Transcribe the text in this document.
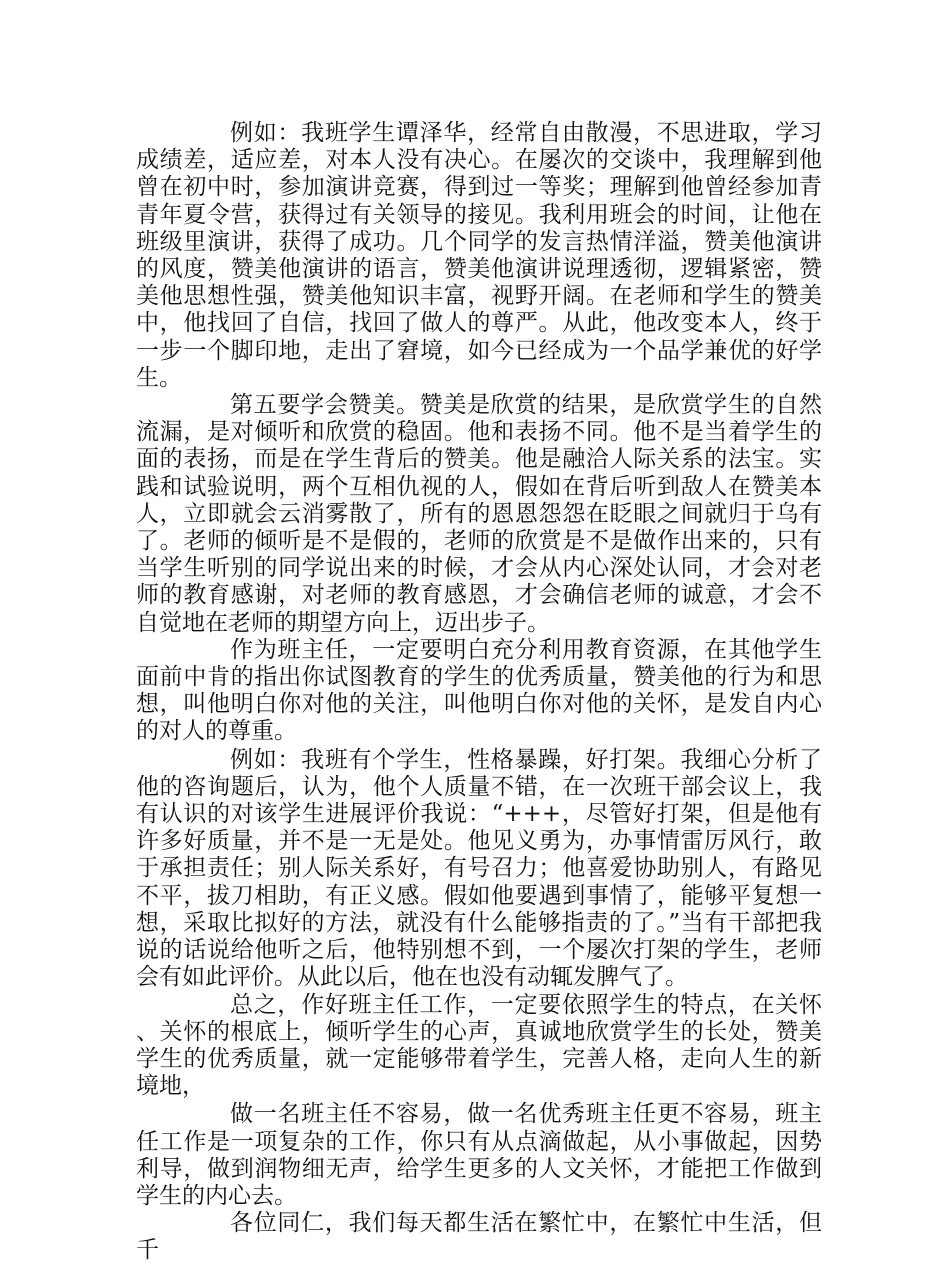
例如：我班学生谭泽华，经常自由散漫，不思进取，学习成绩差，适应差，对本人没有决心。在屡次的交谈中，我理解到他曾在初中时，参加演讲竞赛，得到过一等奖；理解到他曾经参加青青年夏令营，获得过有关领导的接见。我利用班会的时间，让他在班级里演讲，获得了成功。几个同学的发言热情洋溢，赞美他演讲的风度，赞美他演讲的语言，赞美他演讲说理透彻，逻辑紧密，赞美他思想性强，赞美他知识丰富，视野开阔。在老师和学生的赞美中，他找回了自信，找回了做人的尊严。从此，他改变本人，终于一步一个脚印地，走出了窘境，如今已经成为一个品学兼优的好学生。

第五要学会赞美。赞美是欣赏的结果，是欣赏学生的自然流漏，是对倾听和欣赏的稳固。他和表扬不同。他不是当着学生的面的表扬，而是在学生背后的赞美。他是融洽人际关系的法宝。实践和试验说明，两个互相仇视的人，假如在背后听到敌人在赞美本人，立即就会云消雾散了，所有的恩恩怨怨在眨眼之间就归于乌有了。老师的倾听是不是假的，老师的欣赏是不是做作出来的，只有当学生听别的同学说出来的时候，才会从内心深处认同，才会对老师的教育感谢，对老师的教育感恩，才会确信老师的诚意，才会不自觉地在老师的期望方向上，迈出步子。

作为班主任，一定要明白充分利用教育资源，在其他学生面前中肯的指出你试图教育的学生的优秀质量，赞美他的行为和思想，叫他明白你对他的关注，叫他明白你对他的关怀，是发自内心的对人的尊重。

例如：我班有个学生，性格暴躁，好打架。我细心分析了他的咨询题后，认为，他个人质量不错，在一次班干部会议上，我有认识的对该学生进展评价我说：“+++，尽管好打架，但是他有许多好质量，并不是一无是处。他见义勇为，办事情雷厉风行，敢于承担责任；别人际关系好，有号召力；他喜爱协助别人，有路见不平，拔刀相助，有正义感。假如他要遇到事情了，能够平复想一想，采取比拟好的方法，就没有什么能够指责的了。”当有干部把我说的话说给他听之后，他特别想不到，一个屡次打架的学生，老师会有如此评价。从此以后，他在也没有动辄发脾气了。

总之，作好班主任工作，一定要依照学生的特点，在关怀、关怀的根底上，倾听学生的心声，真诚地欣赏学生的长处，赞美学生的优秀质量，就一定能够带着学生，完善人格，走向人生的新境地，

做一名班主任不容易，做一名优秀班主任更不容易，班主任工作是一项复杂的工作，你只有从点滴做起，从小事做起，因势利导，做到润物细无声，给学生更多的人文关怀，才能把工作做到学生的内心去。

各位同仁，我们每天都生活在繁忙中，在繁忙中生活，但千
